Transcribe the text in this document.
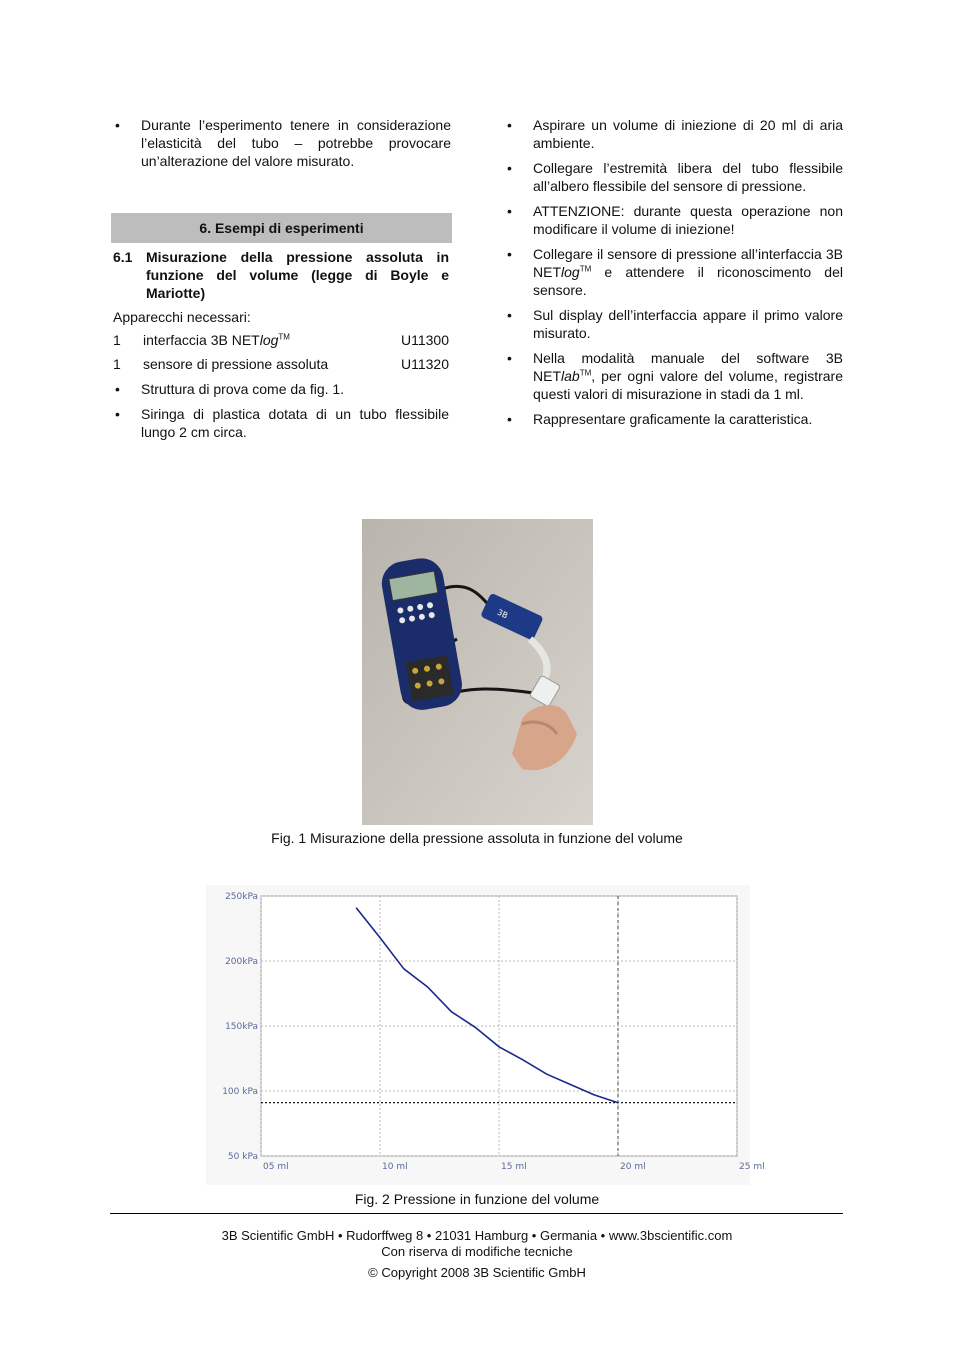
• Durante l’esperimento tenere in considerazione l’elasticità del tubo – potrebbe provocare un’alterazione del valore misurato.
6. Esempi di esperimenti
6.1 Misurazione della pressione assoluta in funzione del volume (legge di Boyle e Mariotte)
Apparecchi necessari:
1 interfaccia 3B NETlog™	U11300
1 sensore di pressione assoluta	U11320
• Struttura di prova come da fig. 1.
• Siringa di plastica dotata di un tubo flessibile lungo 2 cm circa.
• Aspirare un volume di iniezione di 20 ml di aria ambiente.
• Collegare l’estremità libera del tubo flessibile all’albero flessibile del sensore di pressione.
• ATTENZIONE: durante questa operazione non modificare il volume di iniezione!
• Collegare il sensore di pressione all’interfaccia 3B NETlog™ e attendere il riconoscimento del sensore.
• Sul display dell’interfaccia appare il primo valore misurato.
• Nella modalità manuale del software 3B NETlab™, per ogni valore del volume, registrare questi valori di misurazione in stadi da 1 ml.
• Rappresentare graficamente la caratteristica.
3B
Fig. 1 Misurazione della pressione assoluta in funzione del volume
05 ml	10 ml	15 ml	20 ml	25 ml
250kPa
200kPa
150kPa
100 kPa
50 kPa
Fig. 2 Pressione in funzione del volume
3B Scientific GmbH • Rudorffweg 8 • 21031 Hamburg • Germania • www.3bscientific.com
Con riserva di modifiche tecniche
© Copyright 2008 3B Scientific GmbH
